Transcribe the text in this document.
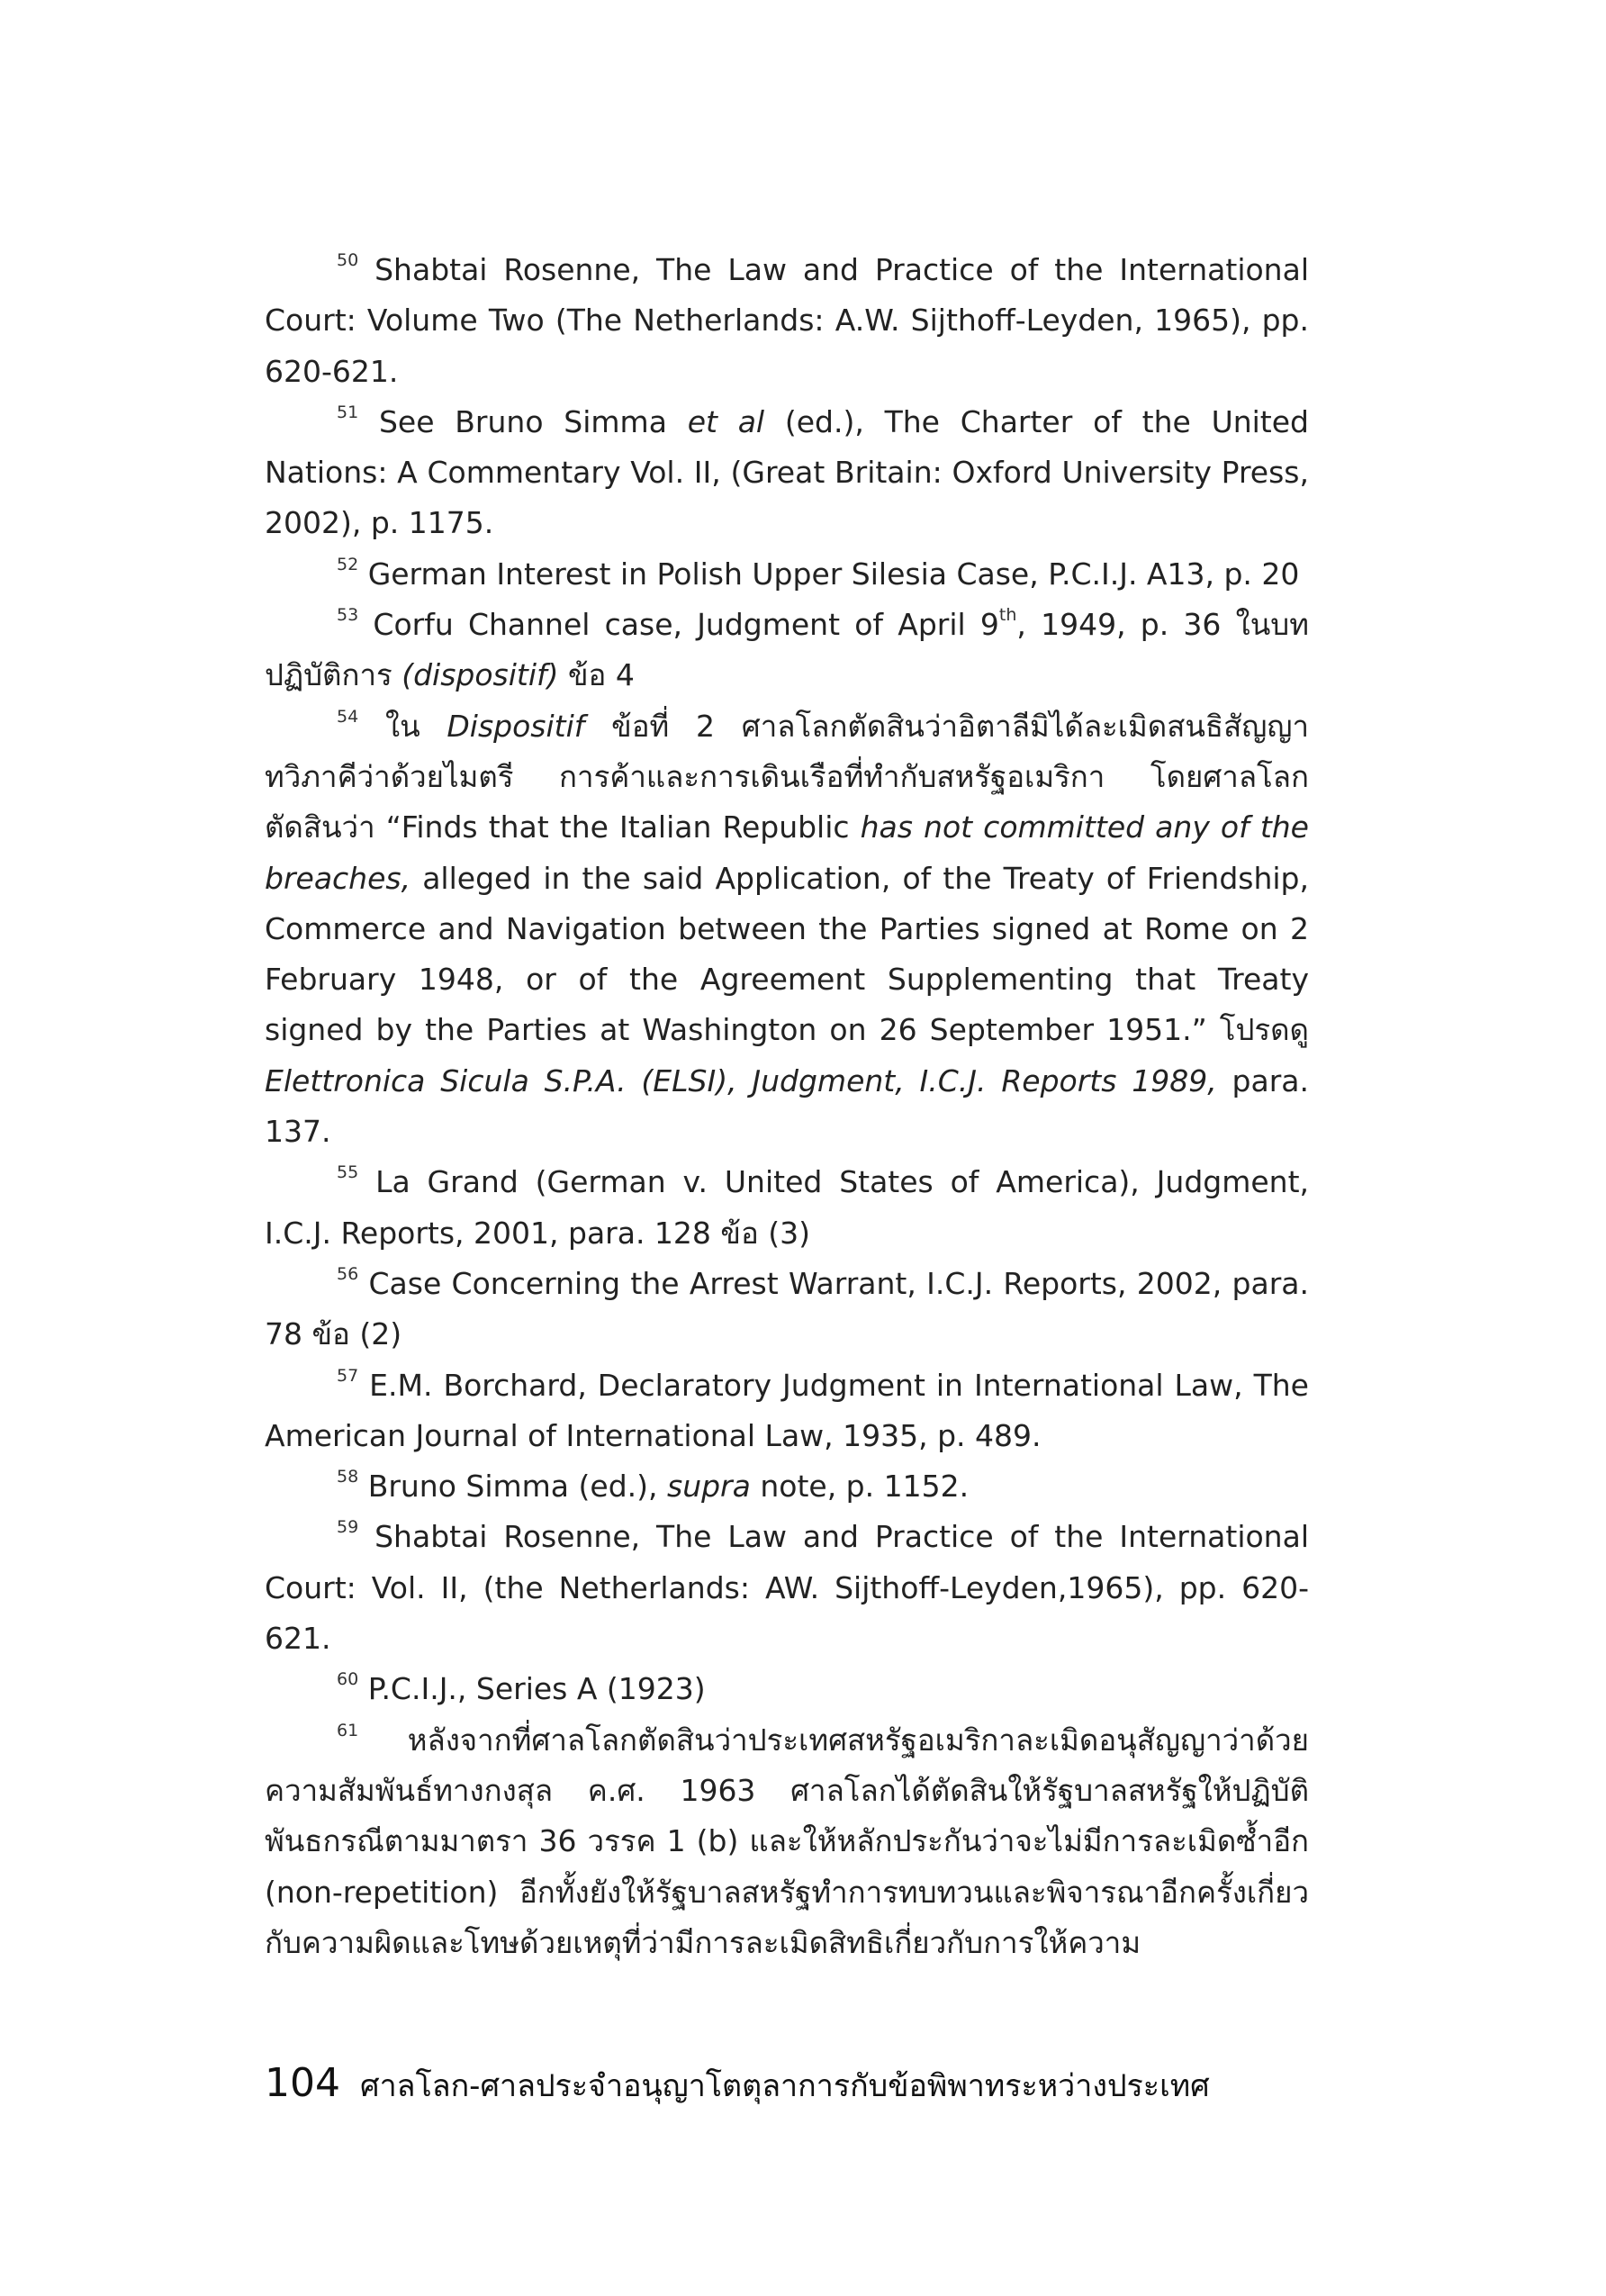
$^{50}$ Shabtai Rosenne, The Law and Practice of the International Court: Volume Two (The Netherlands: A.W. Sijthoff-Leyden, 1965), pp. 620-621.

$^{51}$ See Bruno Simma et al (ed.), The Charter of the United Nations: A Commentary Vol. II, (Great Britain: Oxford University Press, 2002), p. 1175.

$^{52}$ German Interest in Polish Upper Silesia Case, P.C.I.J. A13, p. 20

$^{53}$ Corfu Channel case, Judgment of April 9th, 1949, p. 36 ในบทปฏิบัติการ (dispositif) ข้อ 4

$^{54}$ ใน Dispositif ข้อที่ 2 ศาลโลกตัดสินว่าอิตาลีมิได้ละเมิดสนธิสัญญาทวิภาคีว่าด้วยไมตรี การค้าและการเดินเรือที่ทำกับสหรัฐอเมริกา โดยศาลโลกตัดสินว่า “Finds that the Italian Republic has not committed any of the breaches, alleged in the said Application, of the Treaty of Friendship, Commerce and Navigation between the Parties signed at Rome on 2 February 1948, or of the Agreement Supplementing that Treaty signed by the Parties at Washington on 26 September 1951.” โปรดดู Elettronica Sicula S.P.A. (ELSI), Judgment, I.C.J. Reports 1989, para. 137.

$^{55}$ La Grand (German v. United States of America), Judgment, I.C.J. Reports, 2001, para. 128 ข้อ (3)

$^{56}$ Case Concerning the Arrest Warrant, I.C.J. Reports, 2002, para. 78 ข้อ (2)

$^{57}$ E.M. Borchard, Declaratory Judgment in International Law, The American Journal of International Law, 1935, p. 489.

$^{58}$ Bruno Simma (ed.), supra note, p. 1152.

$^{59}$ Shabtai Rosenne, The Law and Practice of the International Court: Vol. II, (the Netherlands: AW. Sijthoff-Leyden,1965), pp. 620-621.

$^{60}$ P.C.I.J., Series A (1923)

$^{61}$ หลังจากที่ศาลโลกตัดสินว่าประเทศสหรัฐอเมริกาละเมิดอนุสัญญาว่าด้วยความสัมพันธ์ทางกงสุล ค.ศ. 1963 ศาลโลกได้ตัดสินให้รัฐบาลสหรัฐให้ปฏิบัติพันธกรณีตามมาตรา 36 วรรค 1 (b) และให้หลักประกันว่าจะไม่มีการละเมิดซ้ำอีก (non-repetition) อีกทั้งยังให้รัฐบาลสหรัฐทำการทบทวนและพิจารณาอีกครั้งเกี่ยวกับความผิดและโทษด้วยเหตุที่ว่ามีการละเมิดสิทธิเกี่ยวกับการให้ความ

104 ศาลโลก-ศาลประจำอนุญาโตตุลาการกับข้อพิพาทระหว่างประเทศ
